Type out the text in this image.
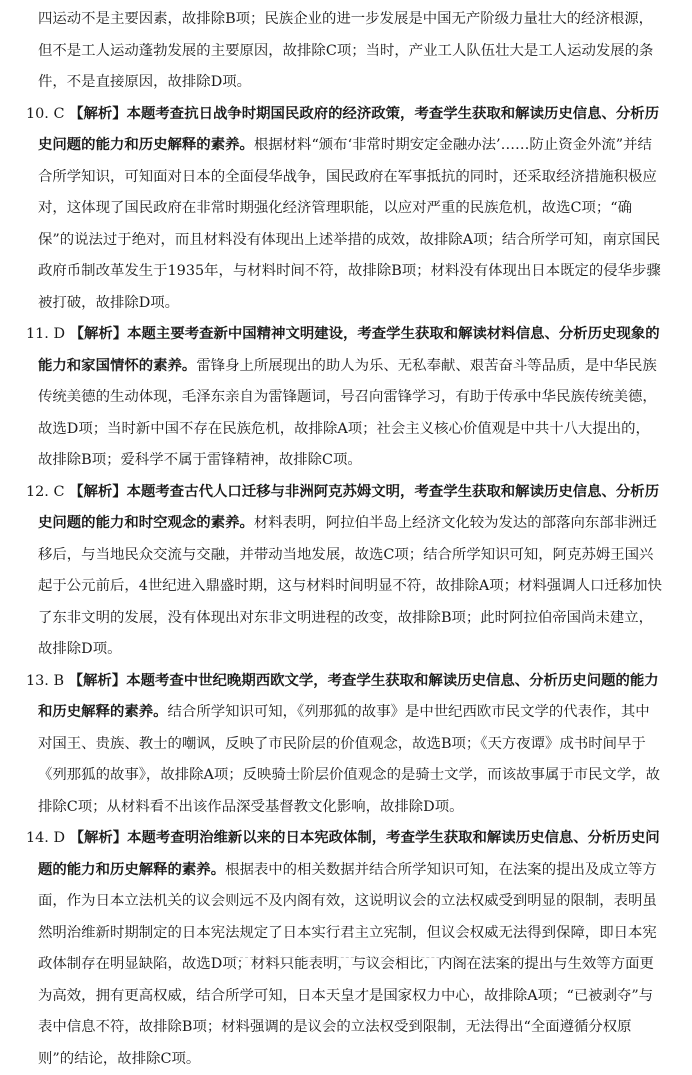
四运动不是主要因素，故排除B项；民族企业的进一步发展是中国无产阶级力量壮大的经济根源，但不是工人运动蓬勃发展的主要原因，故排除C项；当时，产业工人队伍壮大是工人运动发展的条件，不是直接原因，故排除D项。

10. C 【解析】本题考查抗日战争时期国民政府的经济政策，考查学生获取和解读历史信息、分析历史问题的能力和历史解释的素养。根据材料“颁布‘非常时期安定金融办法’……防止资金外流”并结合所学知识，可知面对日本的全面侵华战争，国民政府在军事抵抗的同时，还采取经济措施积极应对，这体现了国民政府在非常时期强化经济管理职能，以应对严重的民族危机，故选C项；“确保”的说法过于绝对，而且材料没有体现出上述举措的成效，故排除A项；结合所学可知，南京国民政府币制改革发生于1935年，与材料时间不符，故排除B项；材料没有体现出日本既定的侵华步骤被打破，故排除D项。

11. D 【解析】本题主要考查新中国精神文明建设，考查学生获取和解读材料信息、分析历史现象的能力和家国情怀的素养。雷锋身上所展现出的助人为乐、无私奉献、艰苦奋斗等品质，是中华民族传统美德的生动体现，毛泽东亲自为雷锋题词，号召向雷锋学习，有助于传承中华民族传统美德，故选D项；当时新中国不存在民族危机，故排除A项；社会主义核心价值观是中共十八大提出的，故排除B项；爱科学不属于雷锋精神，故排除C项。

12. C 【解析】本题考查古代人口迁移与非洲阿克苏姆文明，考查学生获取和解读历史信息、分析历史问题的能力和时空观念的素养。材料表明，阿拉伯半岛上经济文化较为发达的部落向东部非洲迁移后，与当地民众交流与交融，并带动当地发展，故选C项；结合所学知识可知，阿克苏姆王国兴起于公元前后，4世纪进入鼎盛时期，这与材料时间明显不符，故排除A项；材料强调人口迁移加快了东非文明的发展，没有体现出对东非文明进程的改变，故排除B项；此时阿拉伯帝国尚未建立，故排除D项。

13. B 【解析】本题考查中世纪晚期西欧文学，考查学生获取和解读历史信息、分析历史问题的能力和历史解释的素养。结合所学知识可知，《列那狐的故事》是中世纪西欧市民文学的代表作，其中对国王、贵族、教士的嘲讽，反映了市民阶层的价值观念，故选B项；《天方夜谭》成书时间早于《列那狐的故事》，故排除A项；反映骑士阶层价值观念的是骑士文学，而该故事属于市民文学，故排除C项；从材料看不出该作品深受基督教文化影响，故排除D项。

14. D 【解析】本题考查明治维新以来的日本宪政体制，考查学生获取和解读历史信息、分析历史问题的能力和历史解释的素养。根据表中的相关数据并结合所学知识可知，在法案的提出及成立等方面，作为日本立法机关的议会则远不及内阁有效，这说明议会的立法权威受到明显的限制，表明虽然明治维新时期制定的日本宪法规定了日本实行君主立宪制，但议会权威无法得到保障，即日本宪政体制存在明显缺陷，故选D项；材料只能表明，与议会相比，内阁在法案的提出与生效等方面更为高效，拥有更高权威，结合所学可知，日本天皇才是国家权力中心，故排除A项；“已被剥夺”与表中信息不符，故排除B项；材料强调的是议会的立法权受到限制，无法得出“全面遵循分权原则”的结论，故排除C项。
